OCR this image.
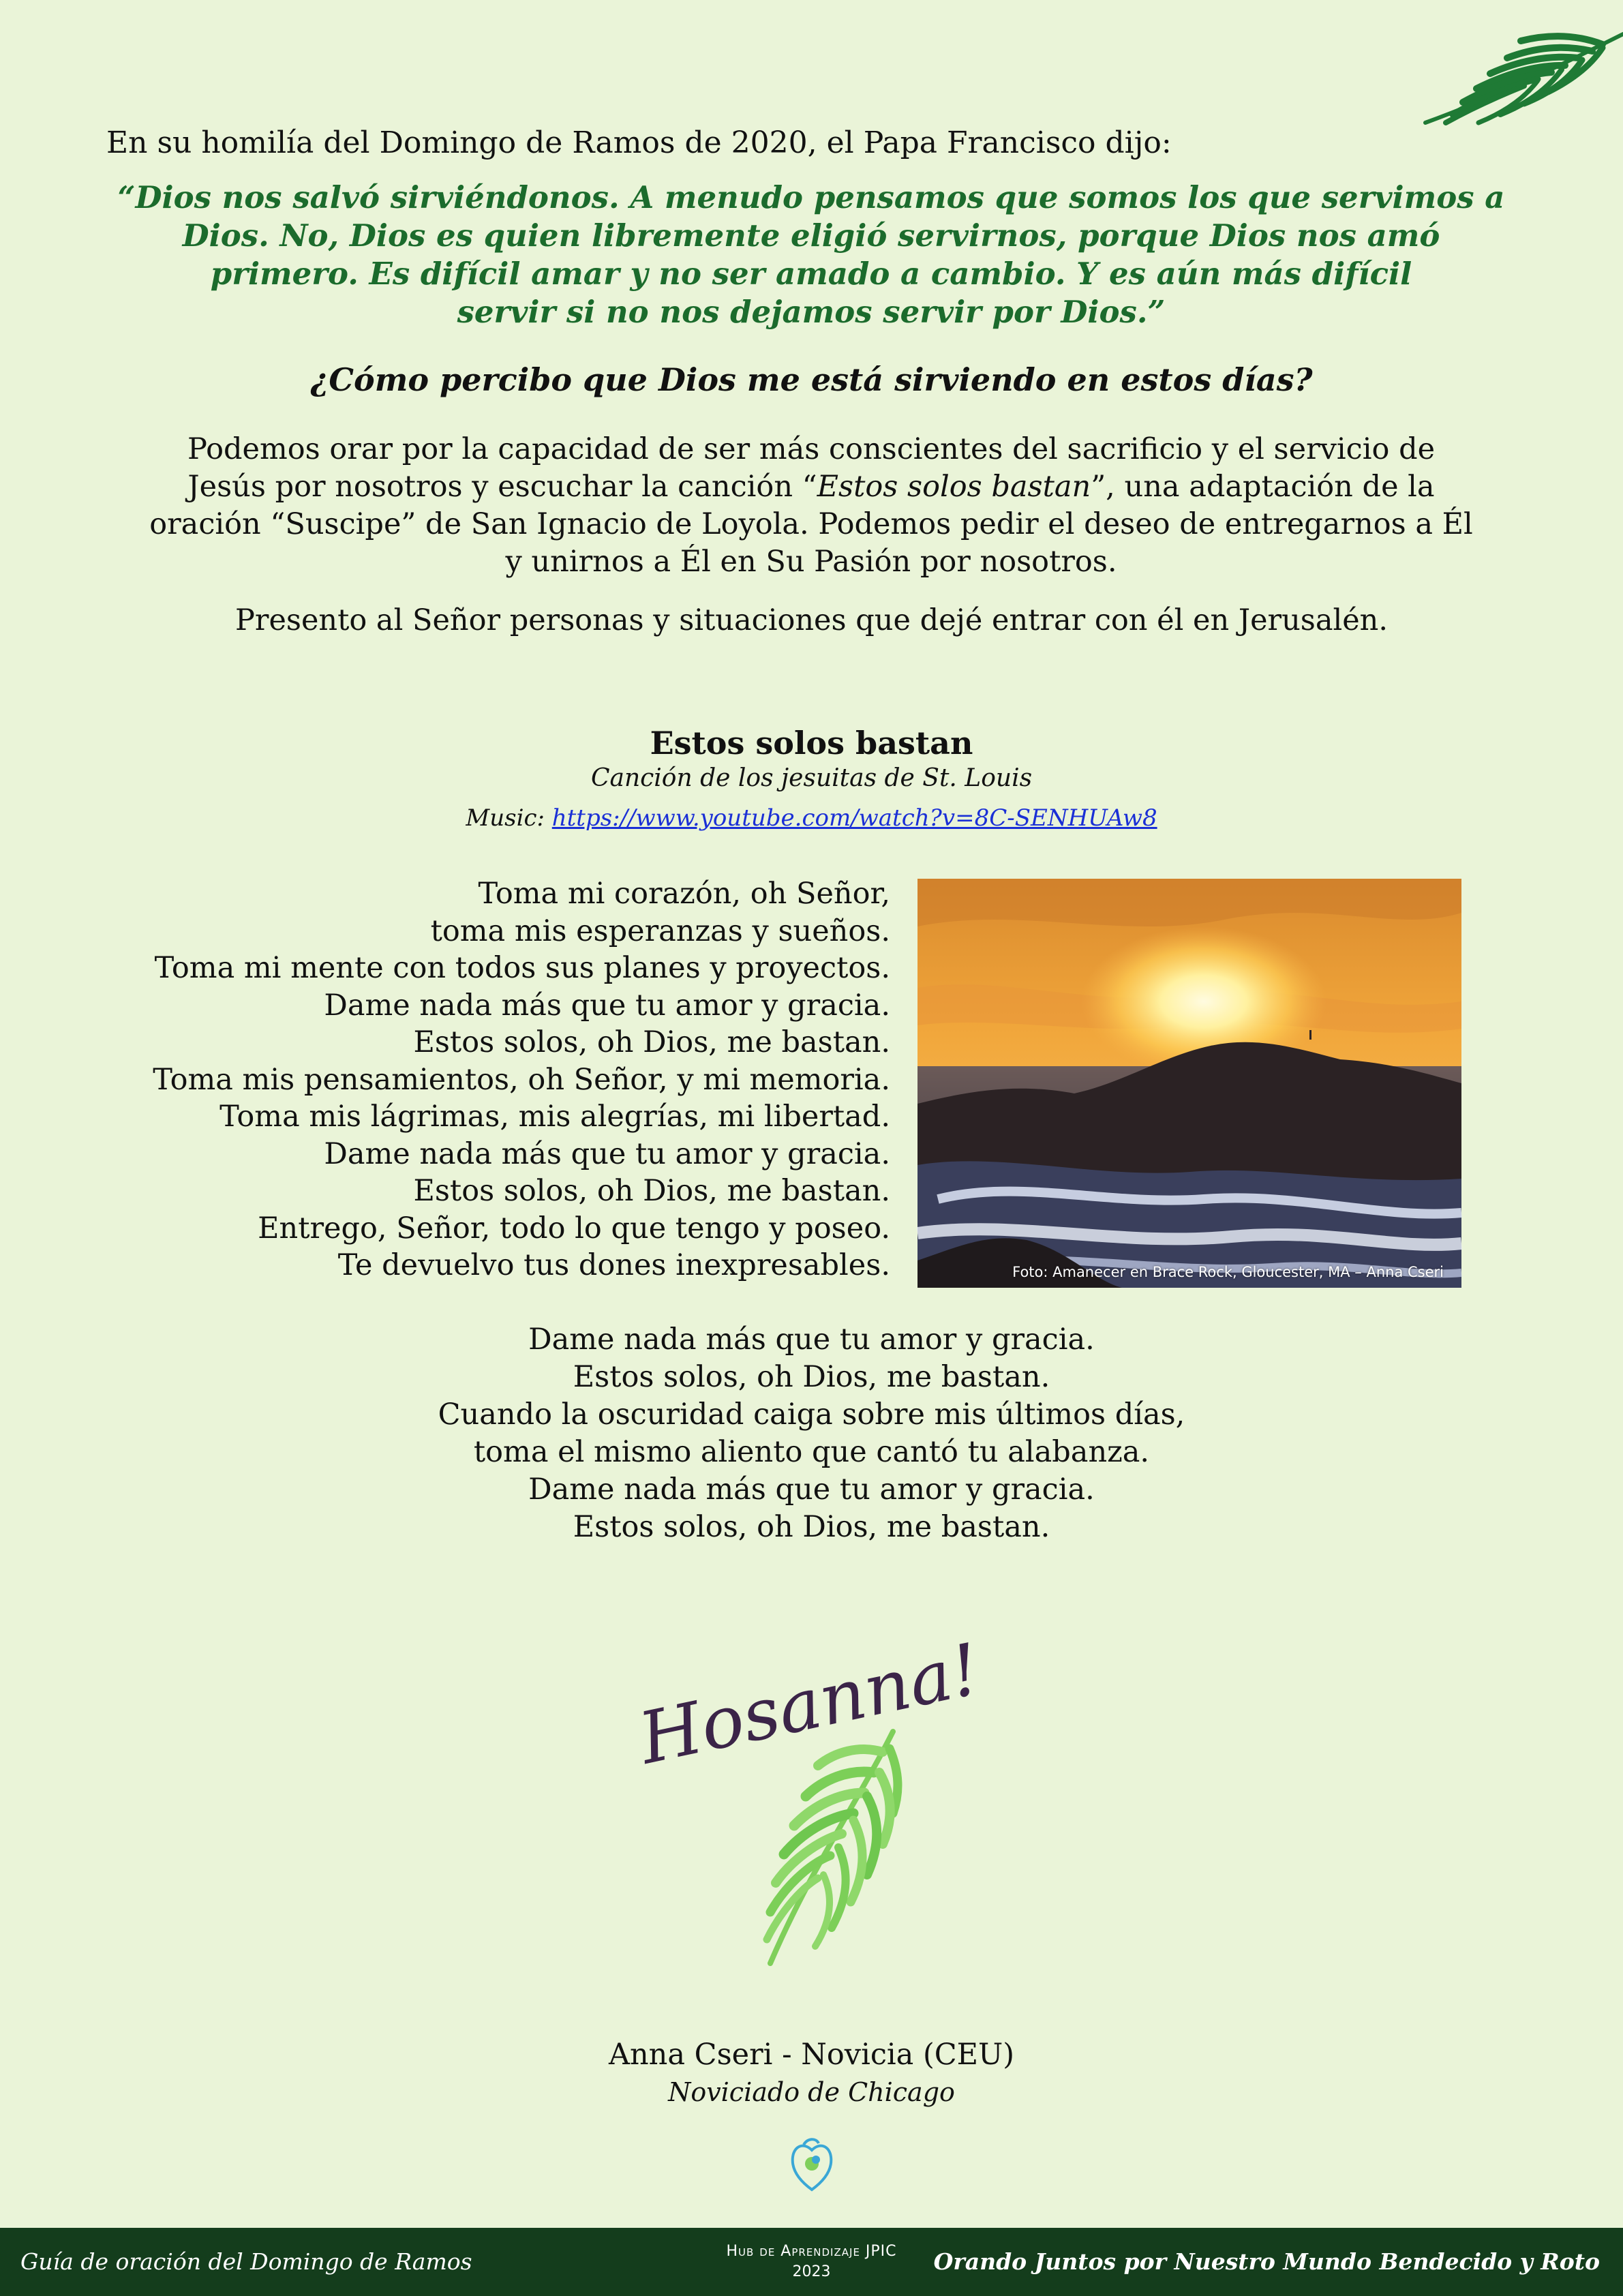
En su homilía del Domingo de Ramos de 2020, el Papa Francisco dijo:
“Dios nos salvó sirviéndonos. A menudo pensamos que somos los que servimos a
Dios. No, Dios es quien libremente eligió servirnos, porque Dios nos amó
primero. Es difícil amar y no ser amado a cambio. Y es aún más difícil
servir si no nos dejamos servir por Dios.”
¿Cómo percibo que Dios me está sirviendo en estos días?
Podemos orar por la capacidad de ser más conscientes del sacrificio y el servicio de
Jesús por nosotros y escuchar la canción “Estos solos bastan”, una adaptación de la
oración “Suscipe” de San Ignacio de Loyola. Podemos pedir el deseo de entregarnos a Él
y unirnos a Él en Su Pasión por nosotros.
Presento al Señor personas y situaciones que dejé entrar con él en Jerusalén.
Estos solos bastan
Canción de los jesuitas de St. Louis
Music: https://www.youtube.com/watch?v=8C-SENHUAw8
Toma mi corazón, oh Señor,
toma mis esperanzas y sueños.
Toma mi mente con todos sus planes y proyectos.
Dame nada más que tu amor y gracia.
Estos solos, oh Dios, me bastan.
Toma mis pensamientos, oh Señor, y mi memoria.
Toma mis lágrimas, mis alegrías, mi libertad.
Dame nada más que tu amor y gracia.
Estos solos, oh Dios, me bastan.
Entrego, Señor, todo lo que tengo y poseo.
Te devuelvo tus dones inexpresables.	Foto: Amanecer en Brace Rock, Gloucester, MA – Anna Cseri
Dame nada más que tu amor y gracia.
Estos solos, oh Dios, me bastan.
Cuando la oscuridad caiga sobre mis últimos días,
toma el mismo aliento que cantó tu alabanza.
Dame nada más que tu amor y gracia.
Estos solos, oh Dios, me bastan.
Hosanna!
Anna Cseri - Novicia (CEU)
Noviciado de Chicago
Guía de oración del Domingo de Ramos	Hub de Aprendizaje JPIC
2023	Orando Juntos por Nuestro Mundo Bendecido y Roto
